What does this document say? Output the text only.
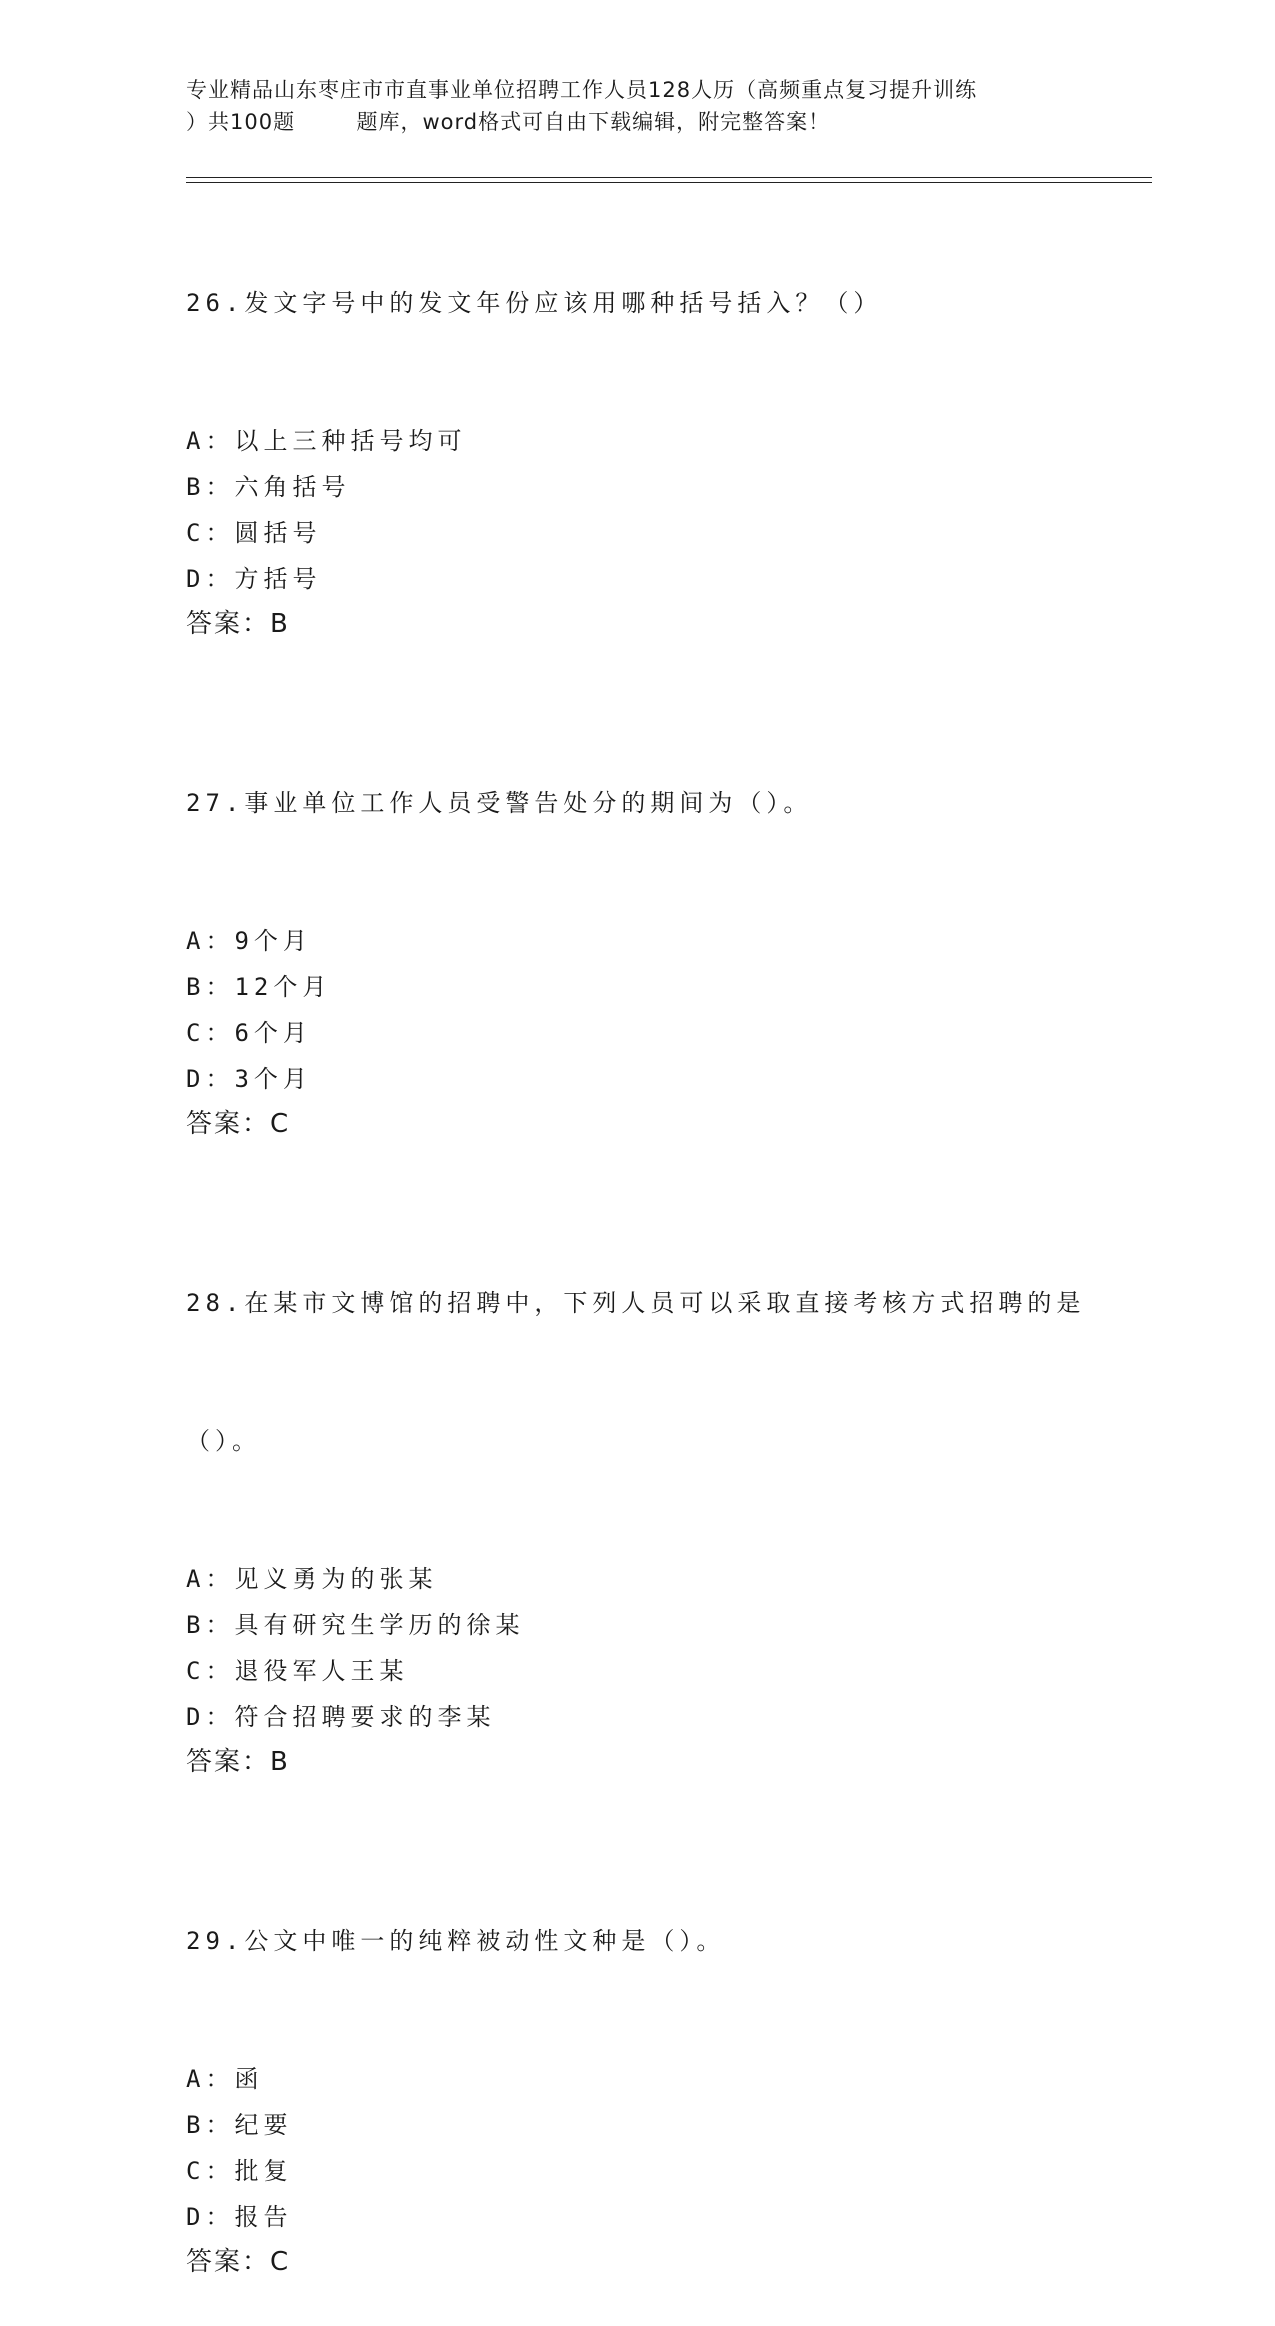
专业精品山东枣庄市市直事业单位招聘工作人员128人历（高频重点复习提升训练
）共100题        题库，word格式可自由下载编辑，附完整答案！

26.发文字号中的发文年份应该用哪种括号括入？（）

A：以上三种括号均可
B：六角括号
C：圆括号
D：方括号
答案：B

27.事业单位工作人员受警告处分的期间为（）。

A：9个月
B：12个月
C：6个月
D：3个月
答案：C

28.在某市文博馆的招聘中，下列人员可以采取直接考核方式招聘的是

（）。

A：见义勇为的张某
B：具有研究生学历的徐某
C：退役军人王某
D：符合招聘要求的李某
答案：B

29.公文中唯一的纯粹被动性文种是（）。

A：函
B：纪要
C：批复
D：报告
答案：C
